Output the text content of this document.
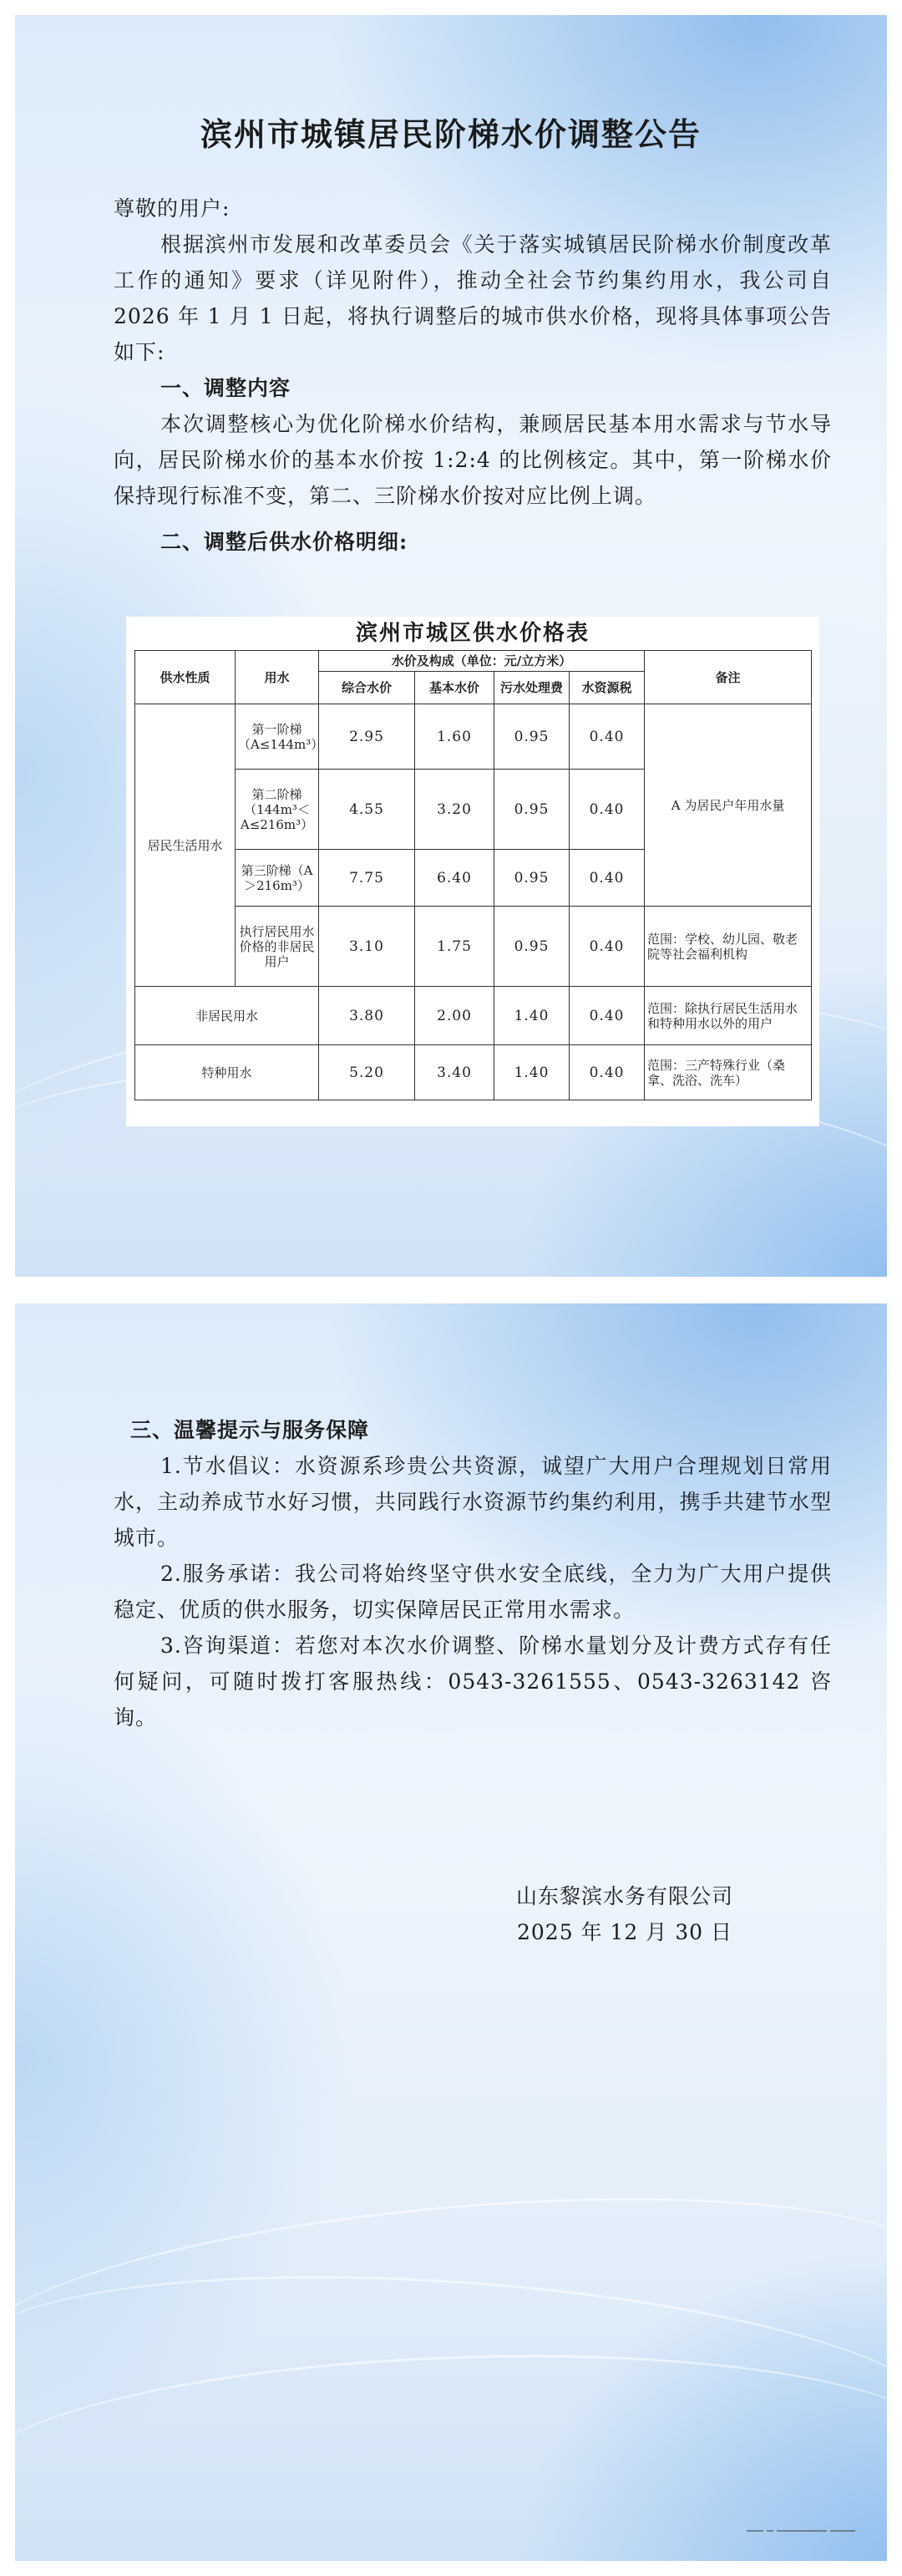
滨州市城镇居民阶梯水价调整公告

尊敬的用户:

根据滨州市发展和改革委员会《关于落实城镇居民阶梯水价制度改革工作的通知》要求（详见附件），推动全社会节约集约用水，我公司自 2026 年 1 月 1 日起，将执行调整后的城市供水价格，现将具体事项公告如下:

一、调整内容

本次调整核心为优化阶梯水价结构，兼顾居民基本用水需求与节水导向，居民阶梯水价的基本水价按 1:2:4 的比例核定。其中，第一阶梯水价保持现行标准不变，第二、三阶梯水价按对应比例上调。

二、调整后供水价格明细:

滨州市城区供水价格表
供水性质	用水	水价及构成（单位：元/立方米）				备注
		综合水价	基本水价	污水处理费	水资源税	
居民生活用水	第一阶梯（A≤144m³）	2.95	1.60	0.95	0.40	A 为居民户年用水量
	第二阶梯（144m³＜A≤216m³）	4.55	3.20	0.95	0.40	
	第三阶梯（A＞216m³）	7.75	6.40	0.95	0.40	
	执行居民用水价格的非居民用户	3.10	1.75	0.95	0.40	范围：学校、幼儿园、敬老院等社会福利机构
非居民用水		3.80	2.00	1.40	0.40	范围：除执行居民生活用水和特种用水以外的用户
特种用水		5.20	3.40	1.40	0.40	范围：三产特殊行业（桑拿、洗浴、洗车）

三、温馨提示与服务保障

1.节水倡议：水资源系珍贵公共资源，诚望广大用户合理规划日常用水，主动养成节水好习惯，共同践行水资源节约集约利用，携手共建节水型城市。

2.服务承诺：我公司将始终坚守供水安全底线，全力为广大用户提供稳定、优质的供水服务，切实保障居民正常用水需求。

3.咨询渠道：若您对本次水价调整、阶梯水量划分及计费方式存有任何疑问，可随时拨打客服热线：0543-3261555、0543-3263142 咨询。

山东黎滨水务有限公司
2025 年 12 月 30 日
